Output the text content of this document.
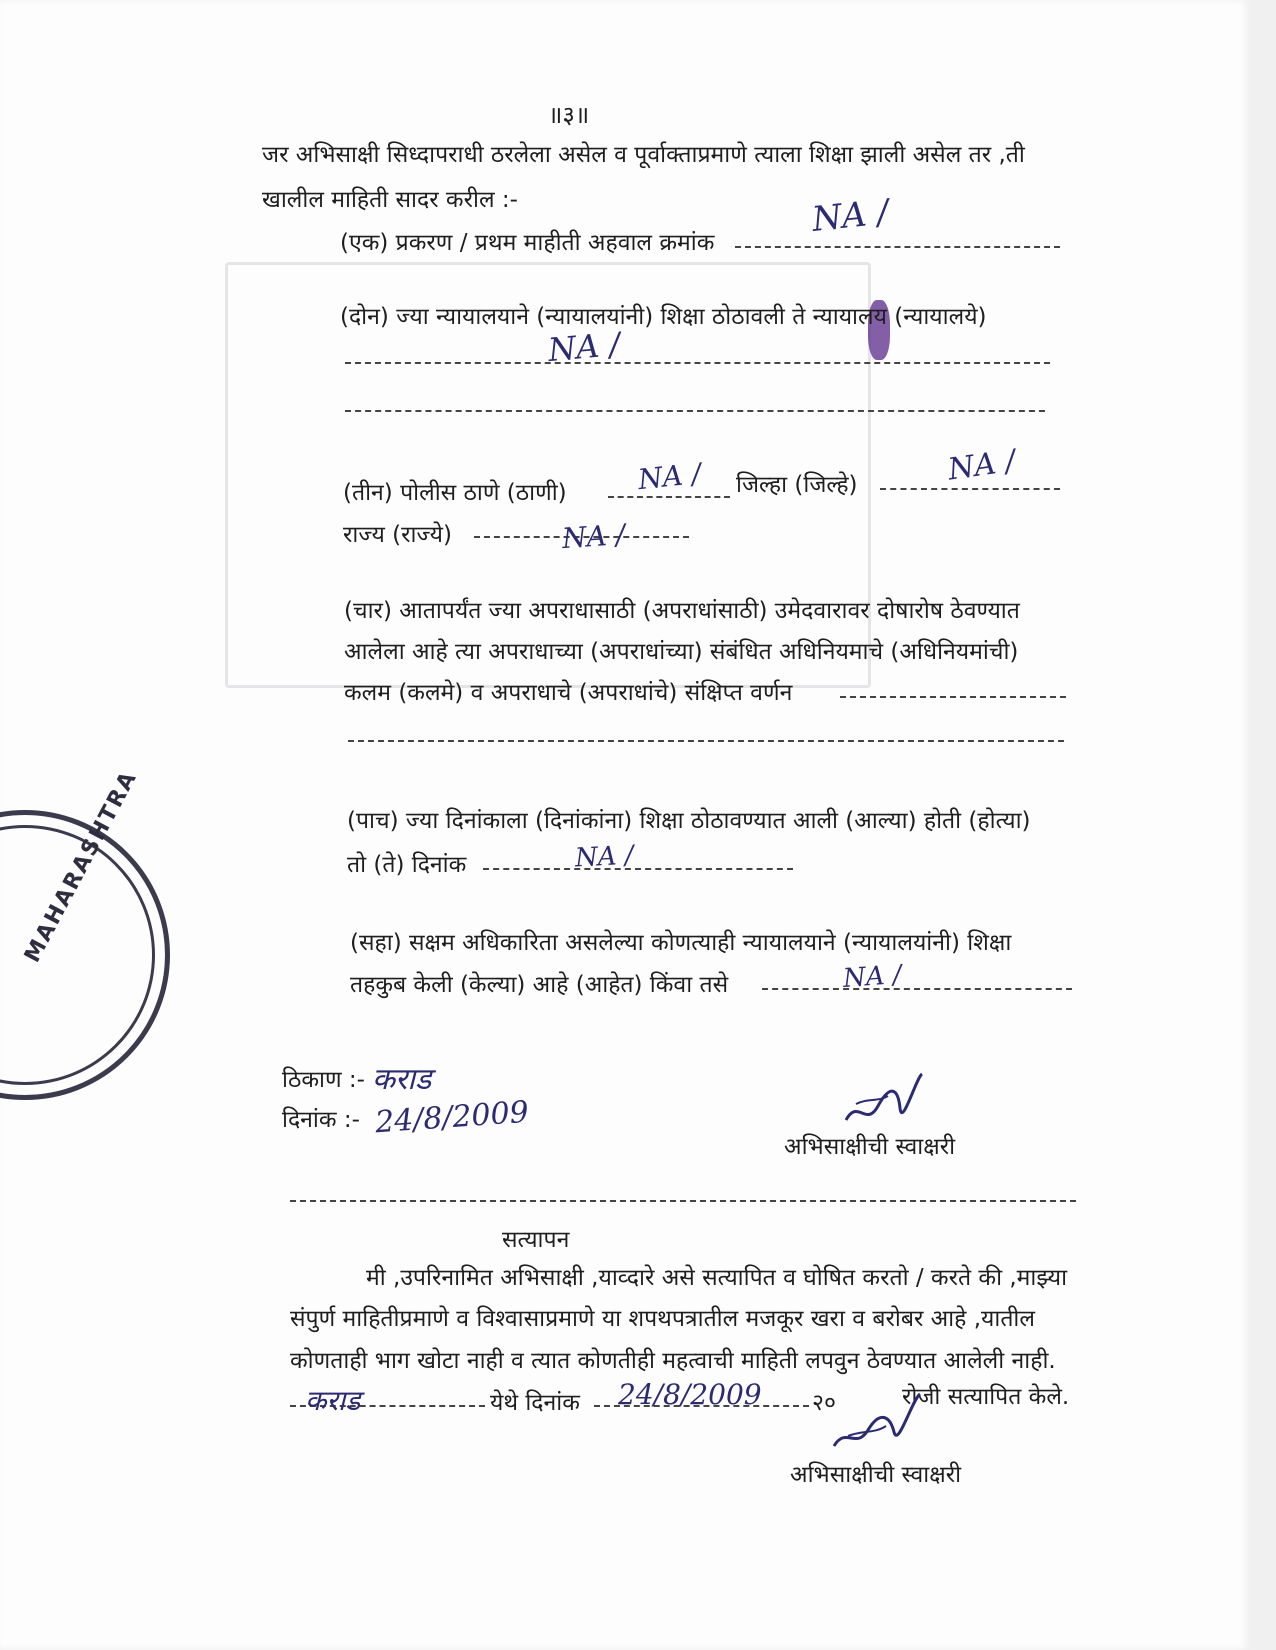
MAHARASHTRA
॥३॥
जर अभिसाक्षी सिध्दापराधी ठरलेला असेल व पूर्वाक्ताप्रमाणे त्याला शिक्षा झाली असेल तर ,ती
खालील माहिती सादर करील :-
(एक) प्रकरण / प्रथम माहीती अहवाल क्रमांक
NA /
(दोन) ज्या न्यायालयाने (न्यायालयांनी) शिक्षा ठोठावली ते न्यायालय (न्यायालये)
NA /
(तीन) पोलीस ठाणे (ठाणी) NA / जिल्हा (जिल्हे)	NA /
राज्य (राज्ये)	NA /
(चार) आतापर्यंत ज्या अपराधासाठी (अपराधांसाठी) उमेदवारावर दोषारोष ठेवण्यात
आलेला आहे त्या अपराधाच्या (अपराधांच्या) संबंधित अधिनियमाचे (अधिनियमांची)
कलम (कलमे) व अपराधाचे (अपराधांचे) संक्षिप्त वर्णन
(पाच) ज्या दिनांकाला (दिनांकांना) शिक्षा ठोठावण्यात आली (आल्या) होती (होत्या)
तो (ते) दिनांक	NA /
(सहा) सक्षम अधिकारिता असलेल्या कोणत्याही न्यायालयाने (न्यायालयांनी) शिक्षा
तहकुब केली (केल्या) आहे (आहेत) किंवा तसे	NA /
ठिकाण :- कराड
दिनांक :- 24/8/2009
अभिसाक्षीची स्वाक्षरी
सत्यापन
मी ,उपरिनामित अभिसाक्षी ,याव्दारे असे सत्यापित व घोषित करतो / करते की ,माझ्या
संपुर्ण माहितीप्रमाणे व विश्वासाप्रमाणे या शपथपत्रातील मजकूर खरा व बरोबर आहे ,यातील
कोणताही भाग खोटा नाही व त्यात कोणतीही महत्वाची माहिती लपवुन ठेवण्यात आलेली नाही.
कराड	येथे दिनांक 24/8/2009 २०	रोजी सत्यापित केले.
अभिसाक्षीची स्वाक्षरी
